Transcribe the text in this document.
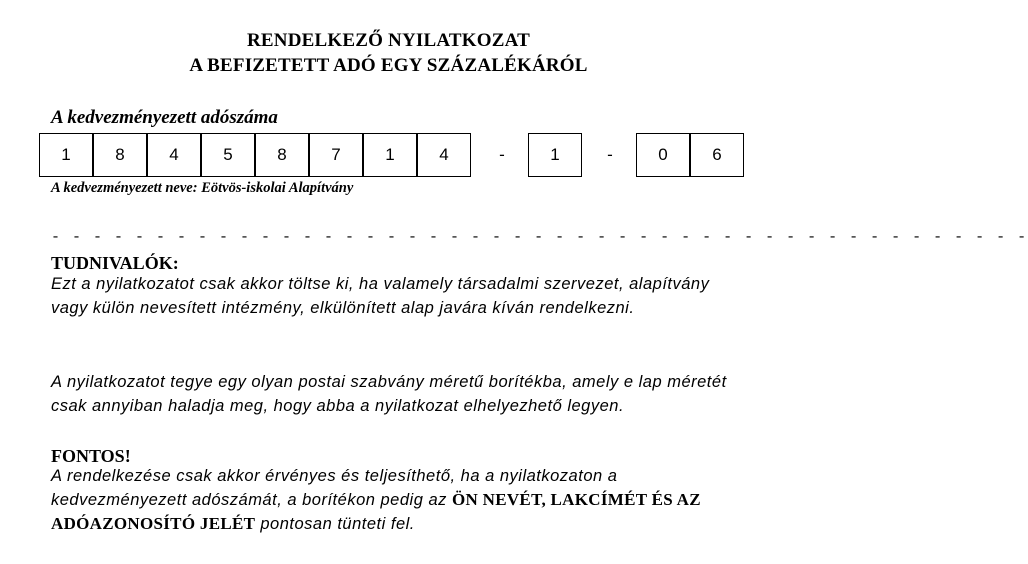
RENDELKEZŐ NYILATKOZAT
A BEFIZETETT ADÓ EGY SZÁZALÉKÁRÓL
A kedvezményezett adószáma
1	8	4	5	8	7	1	4	-	1	-	0	6
A kedvezményezett neve: Eötvös-iskolai Alapítvány
- - - - - - - - - - - - - - - - - - - - - - - - - - - - - - - - - - - - - - - - - - - - - - -
TUDNIVALÓK:
Ezt a nyilatkozatot csak akkor töltse ki, ha valamely társadalmi szervezet, alapítvány vagy külön nevesített intézmény, elkülönített alap javára kíván rendelkezni.
A nyilatkozatot tegye egy olyan postai szabvány méretű borítékba, amely e lap méretét csak annyiban haladja meg, hogy abba a nyilatkozat elhelyezhető legyen.
FONTOS!
A rendelkezése csak akkor érvényes és teljesíthető, ha a nyilatkozaton a kedvezményezett adószámát, a borítékon pedig az ÖN NEVÉT, LAKCÍMÉT ÉS AZ ADÓAZONOSÍTÓ JELÉT pontosan tünteti fel.
